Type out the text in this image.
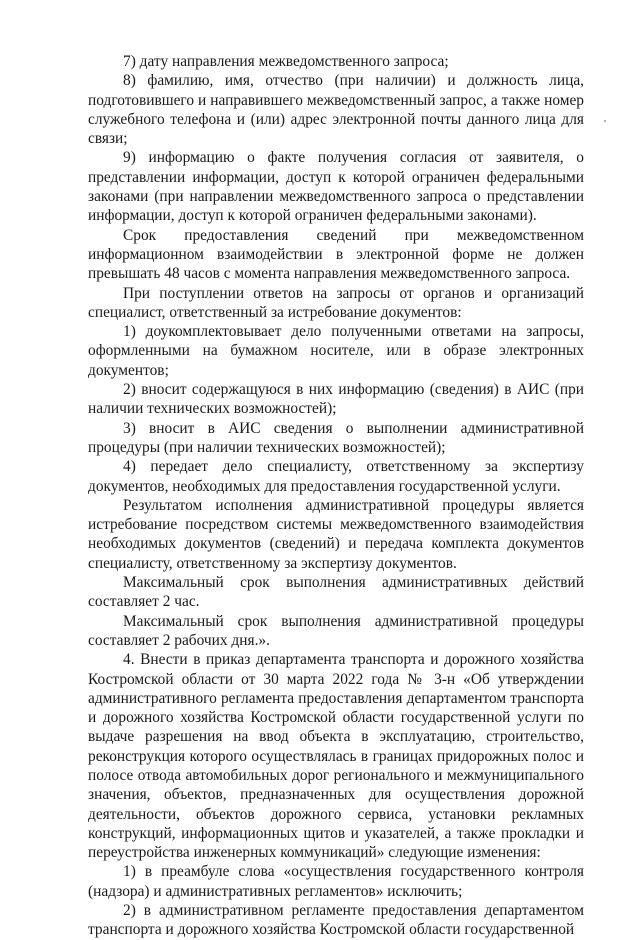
7) дату направления межведомственного запроса;

8) фамилию, имя, отчество (при наличии) и должность лица, подготовившего и направившего межведомственный запрос, а также номер служебного телефона и (или) адрес электронной почты данного лица для связи;

9) информацию о факте получения согласия от заявителя, о представлении информации, доступ к которой ограничен федеральными законами (при направлении межведомственного запроса о представлении информации, доступ к которой ограничен федеральными законами).

Срок предоставления сведений при межведомственном информационном взаимодействии в электронной форме не должен превышать 48 часов с момента направления межведомственного запроса.

При поступлении ответов на запросы от органов и организаций специалист, ответственный за истребование документов:

1) доукомплектовывает дело полученными ответами на запросы, оформленными на бумажном носителе, или в образе электронных документов;

2) вносит содержащуюся в них информацию (сведения) в АИС (при наличии технических возможностей);

3) вносит в АИС сведения о выполнении административной процедуры (при наличии технических возможностей);

4) передает дело специалисту, ответственному за экспертизу документов, необходимых для предоставления государственной услуги.

Результатом исполнения административной процедуры является истребование посредством системы межведомственного взаимодействия необходимых документов (сведений) и передача комплекта документов специалисту, ответственному за экспертизу документов.

Максимальный срок выполнения административных действий составляет 2 час.

Максимальный срок выполнения административной процедуры составляет 2 рабочих дня.».

4. Внести в приказ департамента транспорта и дорожного хозяйства Костромской области от 30 марта 2022 года № 3-н «Об утверждении административного регламента предоставления департаментом транспорта и дорожного хозяйства Костромской области государственной услуги по выдаче разрешения на ввод объекта в эксплуатацию, строительство, реконструкция которого осуществлялась в границах придорожных полос и полосе отвода автомобильных дорог регионального и межмуниципального значения, объектов, предназначенных для осуществления дорожной деятельности, объектов дорожного сервиса, установки рекламных конструкций, информационных щитов и указателей, а также прокладки и переустройства инженерных коммуникаций» следующие изменения:

1) в преамбуле слова «осуществления государственного контроля (надзора) и административных регламентов» исключить;

2) в административном регламенте предоставления департаментом транспорта и дорожного хозяйства Костромской области государственной
